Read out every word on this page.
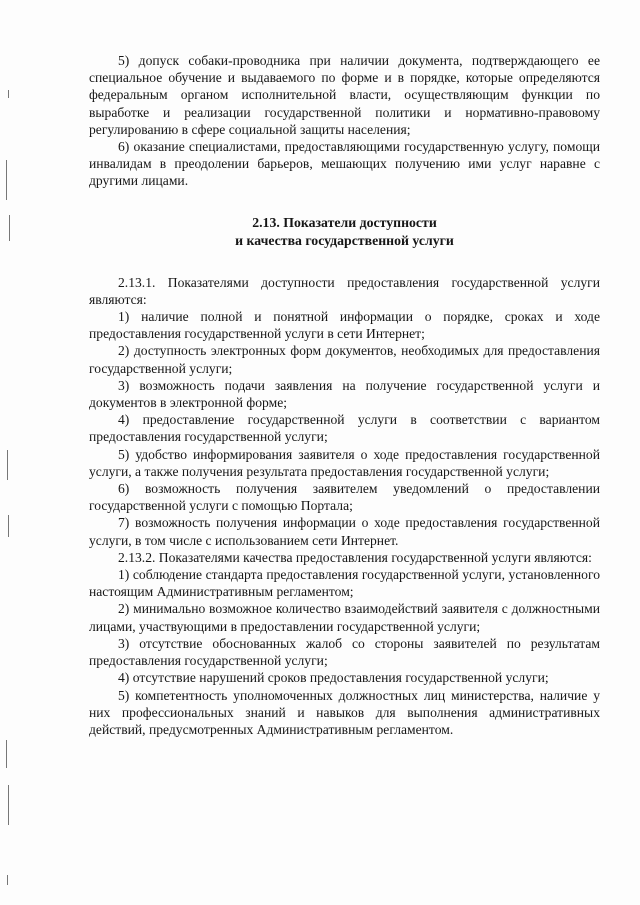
5) допуск собаки-проводника при наличии документа, подтверждающего ее специальное обучение и выдаваемого по форме и в порядке, которые определяются федеральным органом исполнительной власти, осуществляющим функции по выработке и реализации государственной политики и нормативно-правовому регулированию в сфере социальной защиты населения;

6) оказание специалистами, предоставляющими государственную услугу, помощи инвалидам в преодолении барьеров, мешающих получению ими услуг наравне с другими лицами.

2.13. Показатели доступности
и качества государственной услуги

2.13.1. Показателями доступности предоставления государственной услуги являются:

1) наличие полной и понятной информации о порядке, сроках и ходе предоставления государственной услуги в сети Интернет;

2) доступность электронных форм документов, необходимых для предоставления государственной услуги;

3) возможность подачи заявления на получение государственной услуги и документов в электронной форме;

4) предоставление государственной услуги в соответствии с вариантом предоставления государственной услуги;

5) удобство информирования заявителя о ходе предоставления государственной услуги, а также получения результата предоставления государственной услуги;

6) возможность получения заявителем уведомлений о предоставлении государственной услуги с помощью Портала;

7) возможность получения информации о ходе предоставления государственной услуги, в том числе с использованием сети Интернет.

2.13.2. Показателями качества предоставления государственной услуги являются:

1) соблюдение стандарта предоставления государственной услуги, установленного настоящим Административным регламентом;

2) минимально возможное количество взаимодействий заявителя с должностными лицами, участвующими в предоставлении государственной услуги;

3) отсутствие обоснованных жалоб со стороны заявителей по результатам предоставления государственной услуги;

4) отсутствие нарушений сроков предоставления государственной услуги;

5) компетентность уполномоченных должностных лиц министерства, наличие у них профессиональных знаний и навыков для выполнения административных действий, предусмотренных Административным регламентом.
